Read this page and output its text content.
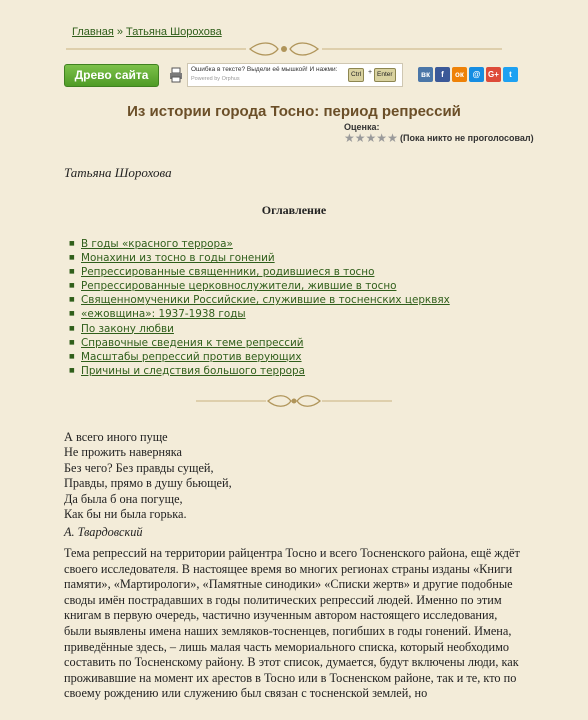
Главная » Татьяна Шорохова
Древо сайта	Ошибка в тексте? Выдели её мышкой! И нажми:
Powered by Orphus
Ctrl + Enter	вк	f	ок	@ G+	t
Из истории города Тосно: период репрессий
Оценка:
★ ★ ★ ★ ★ (Пока никто не проголосовал)
Татьяна Шорохова
Оглавление
■ В годы «красного террора»
■ Монахини из тосно в годы гонений
■ Репрессированные священники, родившиеся в тосно
■ Репрессированные церковнослужители, жившие в тосно
■ Священномученики Российские, служившие в тосненских церквях
■ «ежовщина»: 1937-1938 годы
■ По закону любви
■ Справочные сведения к теме репрессий
■ Масштабы репрессий против верующих
■ Причины и следствия большого террора
А всего иного пуще
Не прожить наверняка
Без чего? Без правды сущей,
Правды, прямо в душу бьющей,
Да была б она погуще,
Как бы ни была горька.
А. Твардовский

Тема репрессий на территории райцентра Тосно и всего Тосненского района, ещё ждёт своего исследователя. В настоящее время во многих регионах страны изданы «Книги памяти», «Мартирологи», «Памятные синодики» «Списки жертв» и другие подобные своды имён пострадавших в годы политических репрессий людей. Именно по этим книгам в первую очередь, частично изученным автором настоящего исследования, были выявлены имена наших земляков-тосненцев, погибших в годы гонений. Имена, приведённые здесь, – лишь малая часть мемориального списка, который необходимо составить по Тосненскому району. В этот список, думается, будут включены люди, как проживавшие на момент их арестов в Тосно или в Тосненском районе, так и те, кто по своему рождению или служению был связан с тосненской землей, но
